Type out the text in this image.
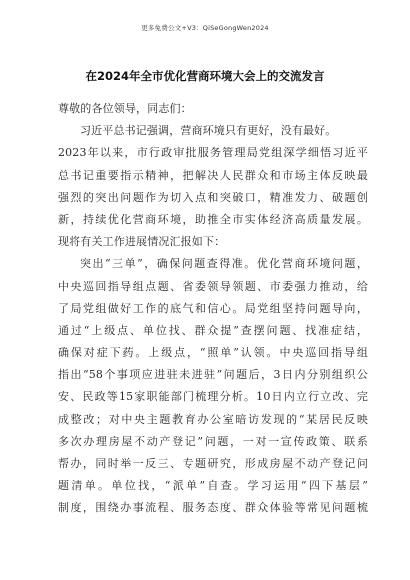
更多免费公文+V3：QiSeGongWen2024
在2024年全市优化营商环境大会上的交流发言
尊敬的各位领导，同志们：
习近平总书记强调，营商环境只有更好，没有最好。
2023年以来，市行政审批服务管理局党组深学细悟习近平
总书记重要指示精神，把解决人民群众和市场主体反映最
强烈的突出问题作为切入点和突破口，精准发力、破题创
新，持续优化营商环境，助推全市实体经济高质量发展。
现将有关工作进展情况汇报如下：
突出“三单”，确保问题查得准。优化营商环境问题，
中央巡回指导组点题、省委领导领题、市委强力推动，给
了局党组做好工作的底气和信心。局党组坚持问题导向，
通过“上级点、单位找、群众提”查摆问题、找准症结，
确保对症下药。上级点，“照单”认领。中央巡回指导组
指出“58个事项应进驻未进驻”问题后，3日内分别组织公
安、民政等15家职能部门梳理分析。10日内立行立改、完
成整改；对中央主题教育办公室暗访发现的“某居民反映
多次办理房屋不动产登记”问题，一对一宣传政策、联系
帮办，同时举一反三、专题研究，形成房屋不动产登记问
题清单。单位找，“派单”自查。学习运用“四下基层”
制度，围绕办事流程、服务态度、群众体验等常见问题梳
